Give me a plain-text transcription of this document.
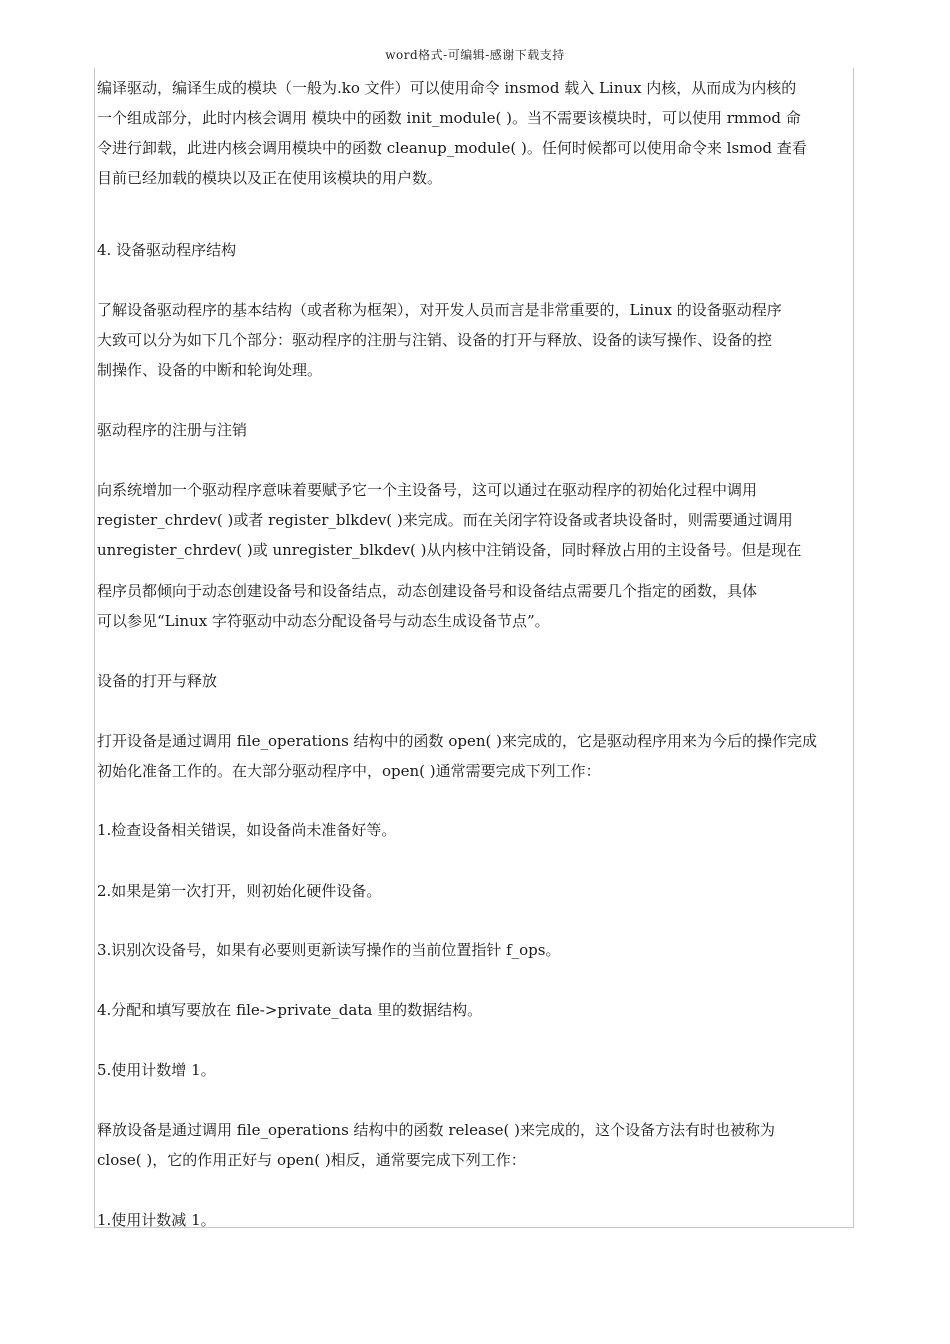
word格式-可编辑-感谢下载支持

编译驱动，编译生成的模块（一般为.ko 文件）可以使用命令 insmod 载入 Linux 内核，从而成为内核的
一个组成部分，此时内核会调用 模块中的函数 init_module( )。当不需要该模块时，可以使用 rmmod 命
令进行卸载，此进内核会调用模块中的函数 cleanup_module( )。任何时候都可以使用命令来 lsmod 查看
目前已经加载的模块以及正在使用该模块的用户数。

4. 设备驱动程序结构

了解设备驱动程序的基本结构（或者称为框架），对开发人员而言是非常重要的，Linux 的设备驱动程序
大致可以分为如下几个部分：驱动程序的注册与注销、设备的打开与释放、设备的读写操作、设备的控
制操作、设备的中断和轮询处理。

驱动程序的注册与注销

向系统增加一个驱动程序意味着要赋予它一个主设备号，这可以通过在驱动程序的初始化过程中调用
register_chrdev( )或者 register_blkdev( )来完成。而在关闭字符设备或者块设备时，则需要通过调用
unregister_chrdev( )或 unregister_blkdev( )从内核中注销设备，同时释放占用的主设备号。但是现在

程序员都倾向于动态创建设备号和设备结点，动态创建设备号和设备结点需要几个指定的函数，具体
可以参见“Linux 字符驱动中动态分配设备号与动态生成设备节点”。

设备的打开与释放

打开设备是通过调用 file_operations 结构中的函数 open( )来完成的，它是驱动程序用来为今后的操作完成
初始化准备工作的。在大部分驱动程序中，open( )通常需要完成下列工作：

1.检查设备相关错误，如设备尚未准备好等。

2.如果是第一次打开，则初始化硬件设备。

3.识别次设备号，如果有必要则更新读写操作的当前位置指针 f_ops。

4.分配和填写要放在 file->private_data 里的数据结构。

5.使用计数增 1。

释放设备是通过调用 file_operations 结构中的函数 release( )来完成的，这个设备方法有时也被称为
close( )，它的作用正好与 open( )相反，通常要完成下列工作：

1.使用计数减 1。
